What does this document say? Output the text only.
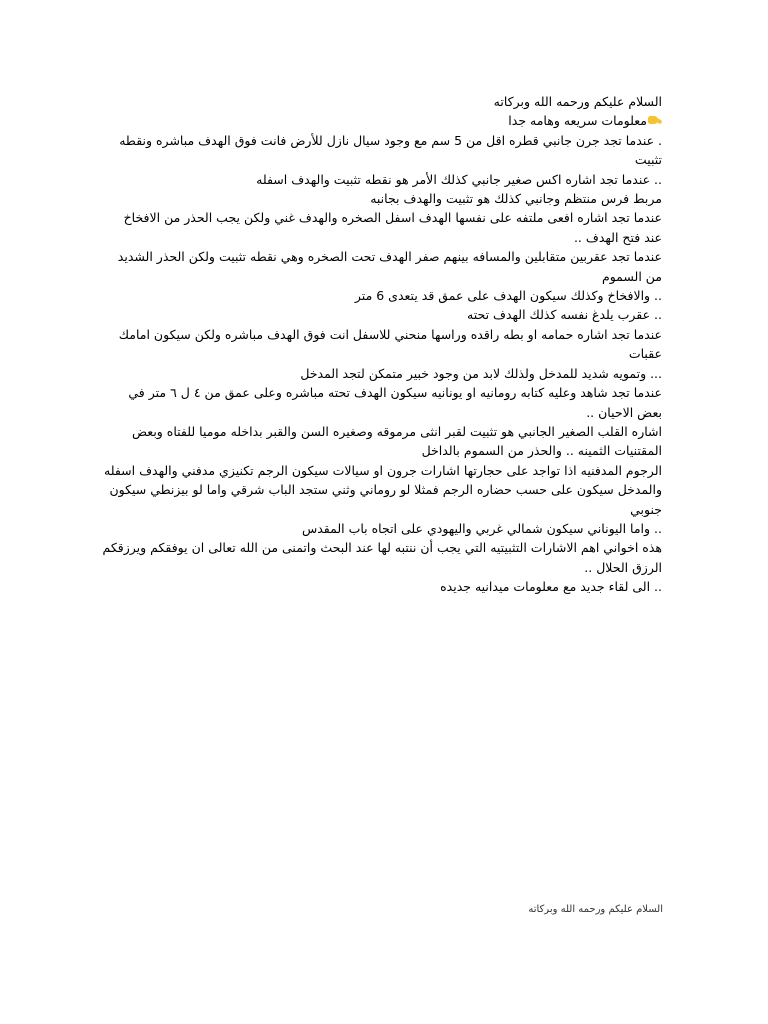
السلام عليكم ورحمه الله وبركاته

معلومات سريعه وهامه جدا

. عندما تجد جرن جانبي قطره اقل من 5 سم مع وجود سيال نازل للأرض فانت فوق الهدف مباشره ونقطه تثبيت

.. عندما تجد اشاره اكس صغير جانبي كذلك الأمر هو نقطه تثبيت والهدف اسفله

مربط فرس منتظم وجانبي كذلك هو تثبيت والهدف بجانبه

عندما تجد اشاره افعى ملتفه على نفسها الهدف اسفل الصخره والهدف غني ولكن يجب الحذر من الافخاخ عند فتح الهدف ..

عندما تجد عقربين متقابلين والمسافه بينهم صفر الهدف تحت الصخره وهي نقطه تثبيت ولكن الحذر الشديد من السموم

.. والافخاخ وكذلك سيكون الهدف على عمق قد يتعدى 6 متر

.. عقرب يلدغ نفسه كذلك الهدف تحته

عندما تجد اشاره حمامه او بطه راقده وراسها منحني للاسفل انت فوق الهدف مباشره ولكن سيكون امامك عقبات

... وتمويه شديد للمدخل ولذلك لابد من وجود خبير متمكن لتجد المدخل

عندما تجد شاهد وعليه كتابه رومانيه او يونانيه سيكون الهدف تحته مباشره وعلى عمق من ٤ ل ٦ متر في بعض الاحيان ..

اشاره القلب الصغير الجانبي هو تثبيت لقبر انثى مرموقه وصغيره السن والقبر بداخله موميا للفتاه وبعض المقتنيات الثمينه .. والحذر من السموم بالداخل

الرجوم المدفنيه اذا تواجد على حجارتها اشارات جرون او سيالات سيكون الرجم تكنيزي مدفني والهدف اسفله

والمدخل سيكون على حسب حضاره الرجم فمثلا لو روماني وثني ستجد الباب شرقي واما لو بيزنطي سيكون جنوبي

.. واما اليوناني سيكون شمالي غربي واليهودي على اتجاه باب المقدس

هذه اخواني اهم الاشارات التثبيتيه التي يجب أن ننتبه لها عند البحث واتمنى من الله تعالى ان يوفقكم ويرزقكم الرزق الحلال ..

.. الى لقاء جديد مع معلومات ميدانيه جديده

السلام عليكم ورحمه الله وبركاته
